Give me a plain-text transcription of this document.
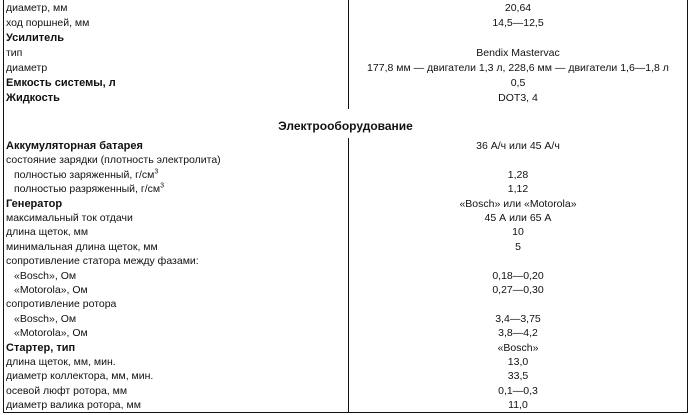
диаметр, мм	20,64
ход поршней, мм	14,5—12,5
Усилитель
тип	Bendix Mastervac
диаметр	177,8 мм — двигатели 1,3 л, 228,6 мм — двигатели 1,6—1,8 л
Емкость системы, л	0,5
Жидкость	DOT3, 4
Электрооборудование
Аккумуляторная батарея	36 А/ч или 45 А/ч
состояние зарядки (плотность электролита)
полностью заряженный, $г/см^3$	1,28
полностью разряженный, $г/см^3$	1,12
Генератор	«Bosch» или «Motorola»
максимальный ток отдачи	45 А или 65 А
длина щеток, мм	10
минимальная длина щеток, мм	5
сопротивление статора между фазами:
«Bosch», Ом	0,18—0,20
«Motorola», Ом	0,27—0,30
сопротивление ротора
«Bosch», Ом	3,4—3,75
«Motorola», Ом	3,8—4,2
Стартер, тип	«Bosch»
длина щеток, мм, мин.	13,0
диаметр коллектора, мм, мин.	33,5
осевой люфт ротора, мм	0,1—0,3
диаметр валика ротора, мм	11,0
